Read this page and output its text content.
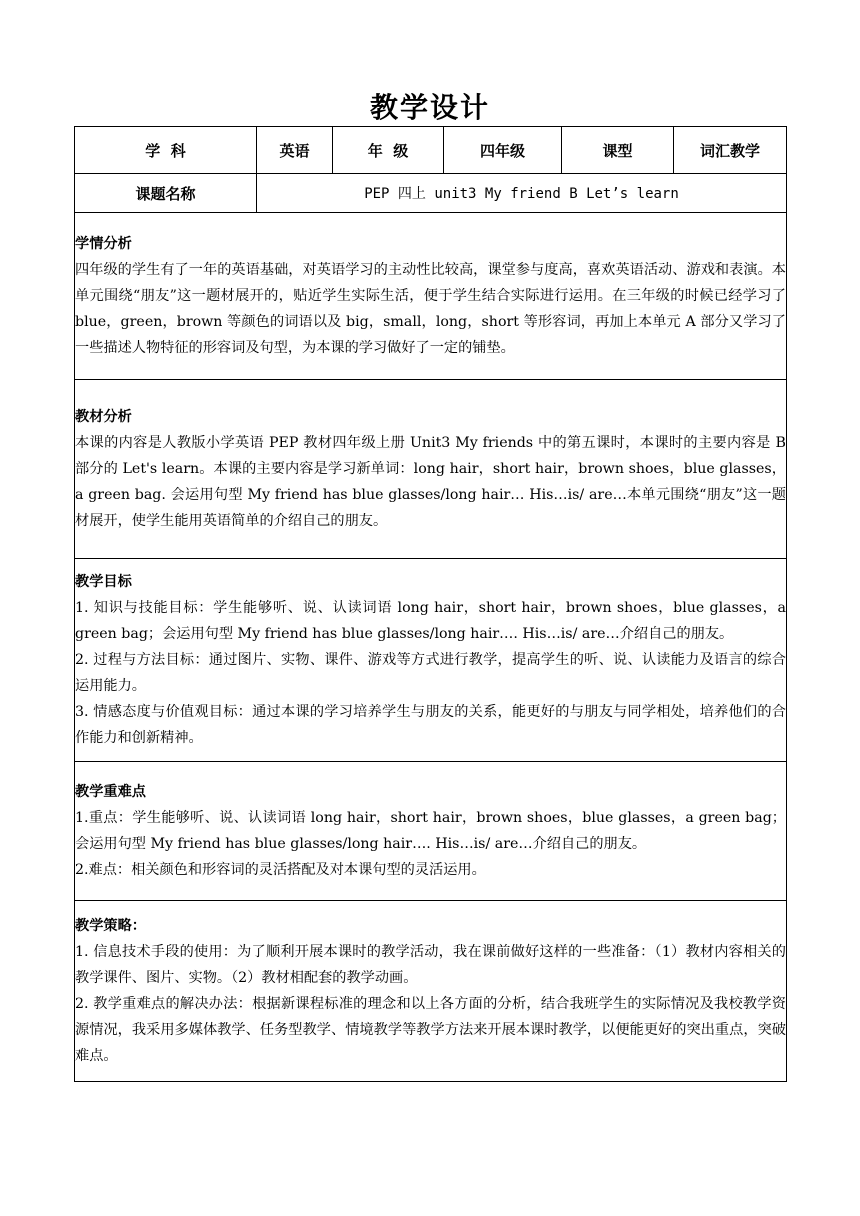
教学设计
学  科	英语	年  级	四年级	课型	词汇教学
课题名称	PEP 四上 unit3 My friend B Let’s learn				

学情分析

四年级的学生有了一年的英语基础，对英语学习的主动性比较高，课堂参与度高，喜欢英语活动、游戏和表演。本单元围绕“朋友”这一题材展开的，贴近学生实际生活，便于学生结合实际进行运用。在三年级的时候已经学习了 blue，green，brown 等颜色的词语以及 big，small，long，short 等形容词，再加上本单元 A 部分又学习了一些描述人物特征的形容词及句型，为本课的学习做好了一定的铺垫。					

教材分析

本课的内容是人教版小学英语 PEP 教材四年级上册 Unit3 My friends 中的第五课时，本课时的主要内容是 B 部分的 Let's learn。本课的主要内容是学习新单词：long hair，short hair，brown shoes，blue glasses，a green bag. 会运用句型 My friend has blue glasses/long hair… His…is/ are…本单元围绕“朋友”这一题材展开，使学生能用英语简单的介绍自己的朋友。					

教学目标

1. 知识与技能目标：学生能够听、说、认读词语 long hair，short hair，brown shoes，blue glasses，a green bag；会运用句型 My friend has blue glasses/long hair…. His…is/ are…介绍自己的朋友。

2. 过程与方法目标：通过图片、实物、课件、游戏等方式进行教学，提高学生的听、说、认读能力及语言的综合运用能力。

3. 情感态度与价值观目标：通过本课的学习培养学生与朋友的关系，能更好的与朋友与同学相处，培养他们的合作能力和创新精神。					

教学重难点

1.重点：学生能够听、说、认读词语 long hair，short hair，brown shoes，blue glasses，a green bag；会运用句型 My friend has blue glasses/long hair…. His…is/ are…介绍自己的朋友。

2.难点：相关颜色和形容词的灵活搭配及对本课句型的灵活运用。					

教学策略：

1. 信息技术手段的使用：为了顺利开展本课时的教学活动，我在课前做好这样的一些准备：（1）教材内容相关的教学课件、图片、实物。（2）教材相配套的教学动画。

2. 教学重难点的解决办法：根据新课程标准的理念和以上各方面的分析，结合我班学生的实际情况及我校教学资源情况，我采用多媒体教学、任务型教学、情境教学等教学方法来开展本课时教学，以便能更好的突出重点，突破难点。					
